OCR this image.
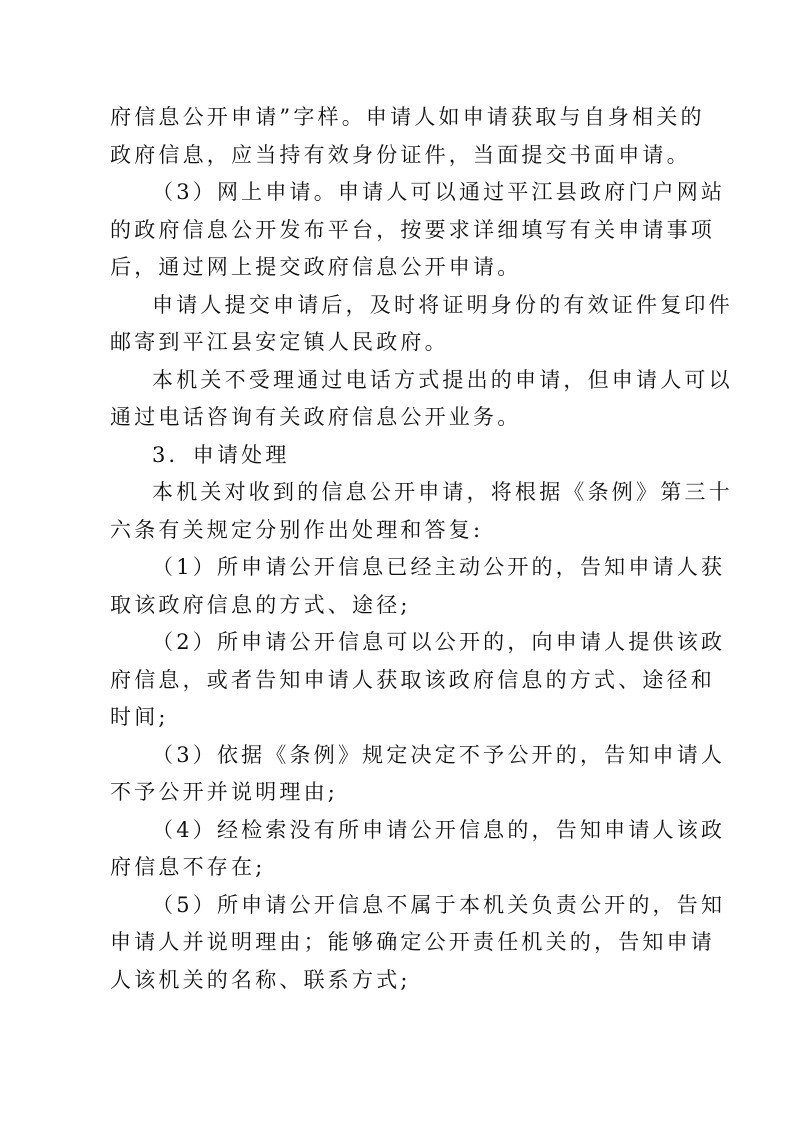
府信息公开申请”字样。申请人如申请获取与自身相关的
政府信息，应当持有效身份证件，当面提交书面申请。
（3）网上申请。申请人可以通过平江县政府门户网站
的政府信息公开发布平台，按要求详细填写有关申请事项
后，通过网上提交政府信息公开申请。
申请人提交申请后，及时将证明身份的有效证件复印件
邮寄到平江县安定镇人民政府。
本机关不受理通过电话方式提出的申请，但申请人可以
通过电话咨询有关政府信息公开业务。
3．申请处理
本机关对收到的信息公开申请，将根据《条例》第三十
六条有关规定分别作出处理和答复:
（1）所申请公开信息已经主动公开的，告知申请人获
取该政府信息的方式、途径;
（2）所申请公开信息可以公开的，向申请人提供该政
府信息，或者告知申请人获取该政府信息的方式、途径和
时间;
（3）依据《条例》规定决定不予公开的，告知申请人
不予公开并说明理由;
（4）经检索没有所申请公开信息的，告知申请人该政
府信息不存在;
（5）所申请公开信息不属于本机关负责公开的，告知
申请人并说明理由；能够确定公开责任机关的，告知申请
人该机关的名称、联系方式;
